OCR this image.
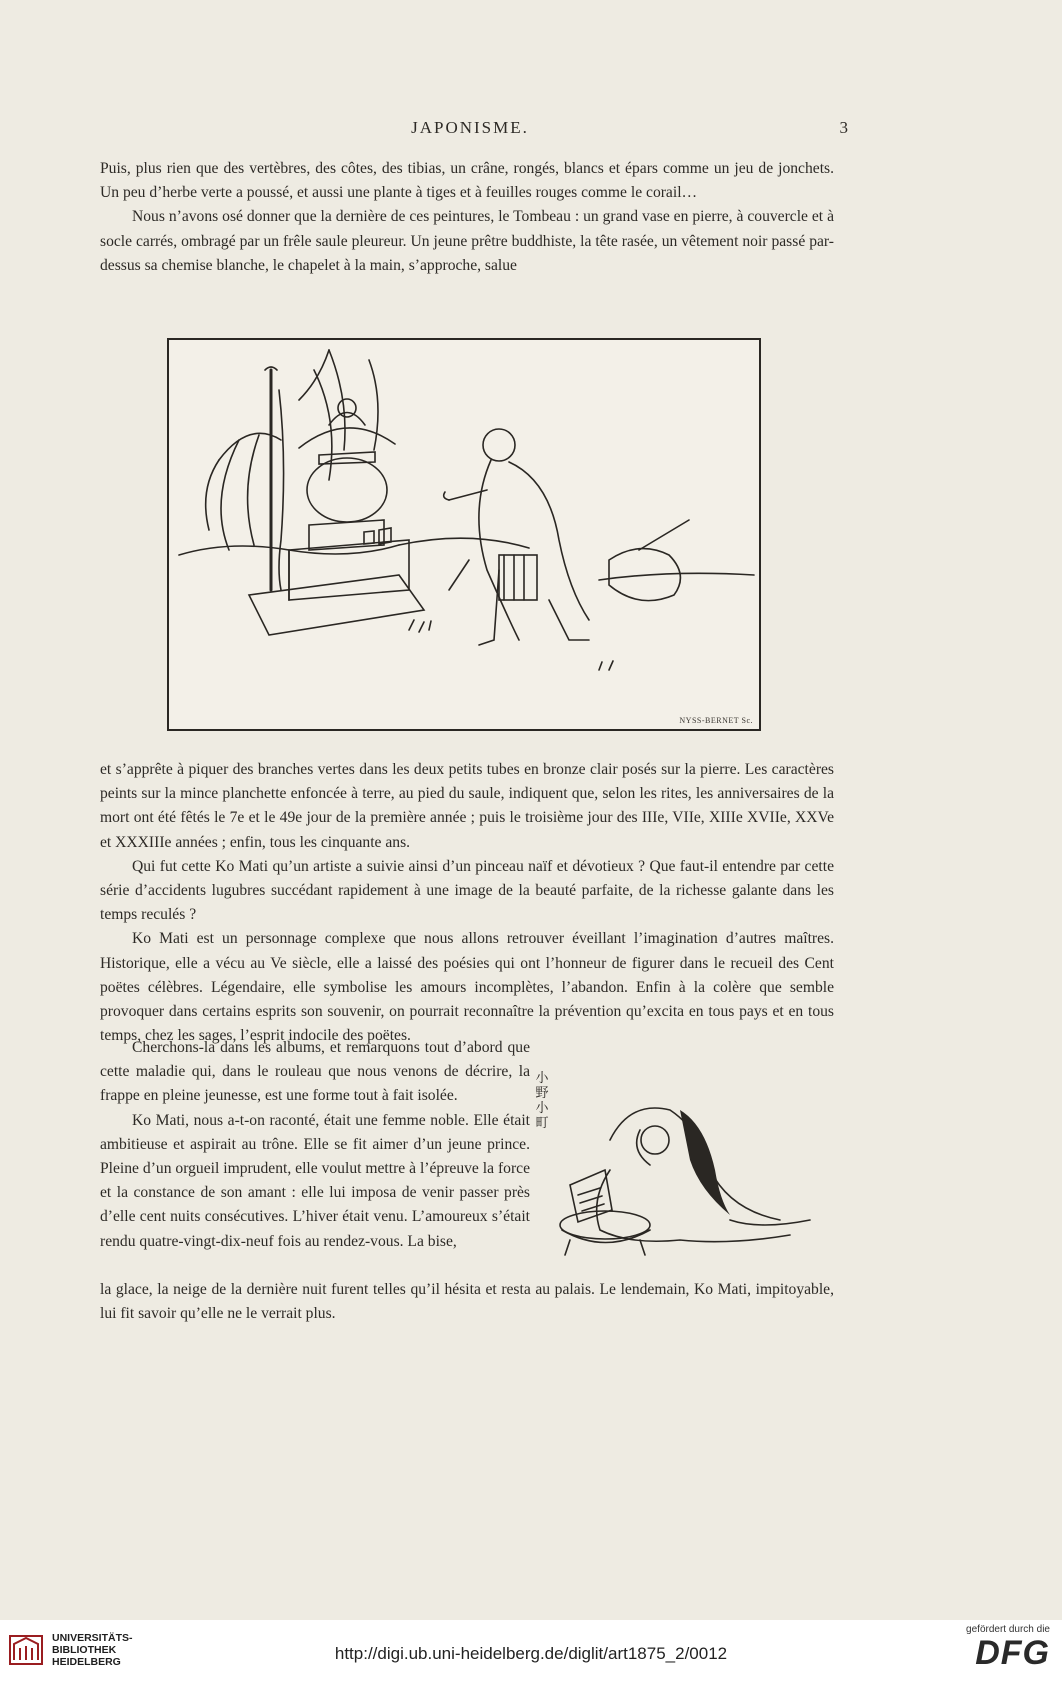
JAPONISME.	3

Puis, plus rien que des vertèbres, des côtes, des tibias, un crâne, rongés, blancs et épars comme un jeu de jonchets. Un peu d’herbe verte a poussé, et aussi une plante à tiges et à feuilles rouges comme le corail…

Nous n’avons osé donner que la dernière de ces peintures, le Tombeau : un grand vase en pierre, à couvercle et à socle carrés, ombragé par un frêle saule pleureur. Un jeune prêtre buddhiste, la tête rasée, un vêtement noir passé par-dessus sa chemise blanche, le chapelet à la main, s’approche, salue

NYSS-BERNET Sc.

et s’apprête à piquer des branches vertes dans les deux petits tubes en bronze clair posés sur la pierre. Les caractères peints sur la mince planchette enfoncée à terre, au pied du saule, indiquent que, selon les rites, les anniversaires de la mort ont été fêtés le 7e et le 49e jour de la première année ; puis le troisième jour des IIIe, VIIe, XIIIe XVIIe, XXVe et XXXIIIe années ; enfin, tous les cinquante ans.

Qui fut cette Ko Mati qu’un artiste a suivie ainsi d’un pinceau naïf et dévotieux ? Que faut-il entendre par cette série d’accidents lugubres succédant rapidement à une image de la beauté parfaite, de la richesse galante dans les temps reculés ?

Ko Mati est un personnage complexe que nous allons retrouver éveillant l’imagination d’autres maîtres. Historique, elle a vécu au Ve siècle, elle a laissé des poésies qui ont l’honneur de figurer dans le recueil des Cent poëtes célèbres. Légendaire, elle symbolise les amours incomplètes, l’abandon. Enfin à la colère que semble provoquer dans certains esprits son souvenir, on pourrait reconnaître la prévention qu’excita en tous pays et en tous temps, chez les sages, l’esprit indocile des poëtes.

Cherchons-la dans les albums, et remarquons tout d’abord que cette maladie qui, dans le rouleau que nous venons de décrire, la frappe en pleine jeunesse, est une forme tout à fait isolée.

Ko Mati, nous a-t-on raconté, était une femme noble. Elle était ambitieuse et aspirait au trône. Elle se fit aimer d’un jeune prince. Pleine d’un orgueil imprudent, elle voulut mettre à l’épreuve la force et la constance de son amant : elle lui imposa de venir passer près d’elle cent nuits consécutives. L’hiver était venu. L’amoureux s’était rendu quatre-vingt-dix-neuf fois au rendez-vous. La bise,

小野小町

la glace, la neige de la dernière nuit furent telles qu’il hésita et resta au palais. Le lendemain, Ko Mati, impitoyable, lui fit savoir qu’elle ne le verrait plus.

UNIVERSITÄTS-
BIBLIOTHEK
HEIDELBERG	http://digi.ub.uni-heidelberg.de/diglit/art1875_2/0012
gefördert durch die
DFG
